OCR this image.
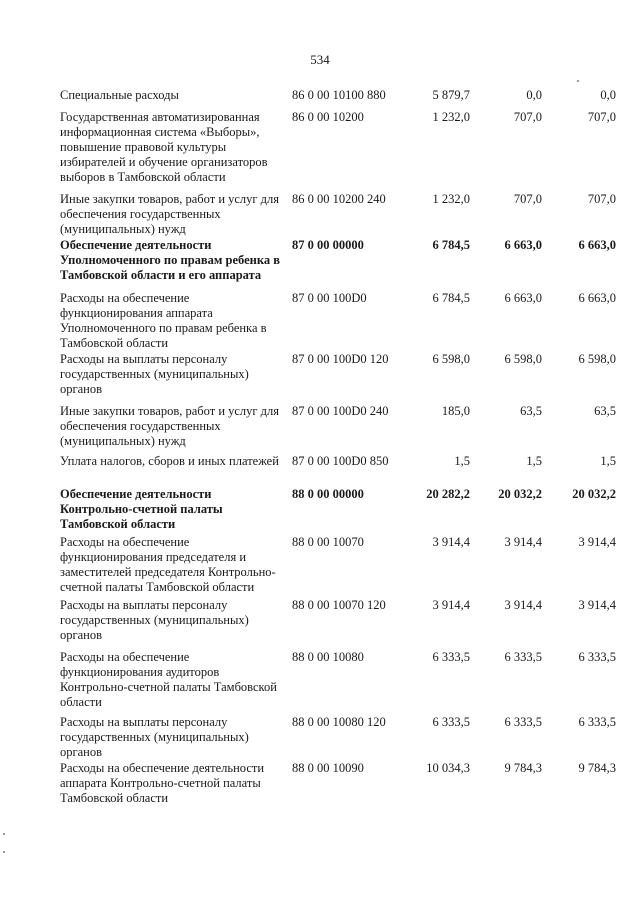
534
Специальные расходы	86 0 00 10100 880	5 879,7	0,0	0,0
Государственная автоматизированная информационная система «Выборы», повышение правовой культуры избирателей и обучение организаторов выборов в Тамбовской области
86 0 00 10200	1 232,0	707,0	707,0
Иные закупки товаров, работ и услуг для обеспечения государственных (муниципальных) нужд
86 0 00 10200 240	1 232,0	707,0	707,0
Обеспечение деятельности Уполномоченного по правам ребенка в Тамбовской области и его аппарата
87 0 00 00000	6 784,5	6 663,0	6 663,0
Расходы на обеспечение функционирования аппарата Уполномоченного по правам ребенка в Тамбовской области
87 0 00 100D0	6 784,5	6 663,0	6 663,0
Расходы на выплаты персоналу государственных (муниципальных) органов
87 0 00 100D0 120	6 598,0	6 598,0	6 598,0
Иные закупки товаров, работ и услуг для обеспечения государственных (муниципальных) нужд
87 0 00 100D0 240	185,0	63,5	63,5
Уплата налогов, сборов и иных платежей 87 0 00 100D0 850	1,5	1,5	1,5
Обеспечение деятельности Контрольно-счетной палаты Тамбовской области
88 0 00 00000	20 282,2	20 032,2	20 032,2
Расходы на обеспечение функционирования председателя и заместителей председателя Контрольно-счетной палаты Тамбовской области
88 0 00 10070	3 914,4	3 914,4	3 914,4
Расходы на выплаты персоналу государственных (муниципальных) органов
88 0 00 10070 120	3 914,4	3 914,4	3 914,4
Расходы на обеспечение функционирования аудиторов Контрольно-счетной палаты Тамбовской области
88 0 00 10080	6 333,5	6 333,5	6 333,5
Расходы на выплаты персоналу государственных (муниципальных) органов
88 0 00 10080 120	6 333,5	6 333,5	6 333,5
Расходы на обеспечение деятельности аппарата Контрольно-счетной палаты Тамбовской области
88 0 00 10090	10 034,3	9 784,3	9 784,3
